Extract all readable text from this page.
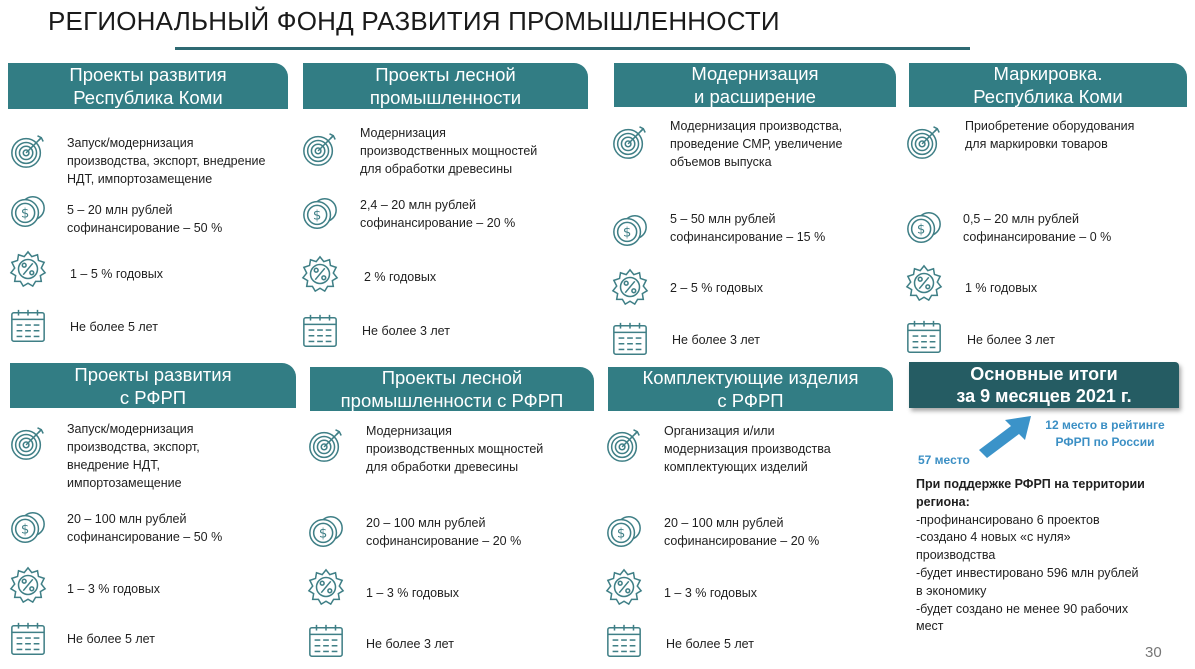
РЕГИОНАЛЬНЫЙ ФОНД РАЗВИТИЯ ПРОМЫШЛЕННОСТИ
Проекты развития
Республика Коми
Запуск/модернизация
производства, экспорт, внедрение
НДТ, импортозамещение
$	5 – 20 млн рублей
софинансирование – 50 %
1 – 5 % годовых
Не более 5 лет
Проекты лесной
промышленности
Модернизация
производственных мощностей
для обработки древесины
$
2,4 – 20 млн рублей
софинансирование – 20 %
2 % годовых
Не более 3 лет
Модернизация
и расширение
Модернизация производства,
проведение СМР, увеличение
объемов выпуска
$
5 – 50 млн рублей
софинансирование – 15 %
2 – 5 % годовых
Не более 3 лет
Маркировка.
Республика Коми
Приобретение оборудования
для маркировки товаров
$
0,5 – 20 млн рублей
софинансирование – 0 %
1 % годовых
Не более 3 лет
Проекты развития
с РФРП
Запуск/модернизация
производства, экспорт,
внедрение НДТ,
импортозамещение
$
20 – 100 млн рублей
софинансирование – 50 %
1 – 3 % годовых
Не более 5 лет
Проекты лесной
промышленности с РФРП
Модернизация
производственных мощностей
для обработки древесины
$
20 – 100 млн рублей
софинансирование – 20 %
1 – 3 % годовых
Не более 3 лет
Комплектующие изделия
с РФРП
Организация и/или
модернизация производства
комплектующих изделий
$
20 – 100 млн рублей
софинансирование – 20 %
1 – 3 % годовых
Не более 5 лет
Основные итоги
за 9 месяцев 2021 г.
12 место в рейтинге
РФРП по России
57 место
При поддержке РФРП на территории
региона:
-профинансировано 6 проектов
-создано 4 новых «с нуля»
производства
-будет инвестировано 596 млн рублей
в экономику
-будет создано не менее 90 рабочих
мест
30
